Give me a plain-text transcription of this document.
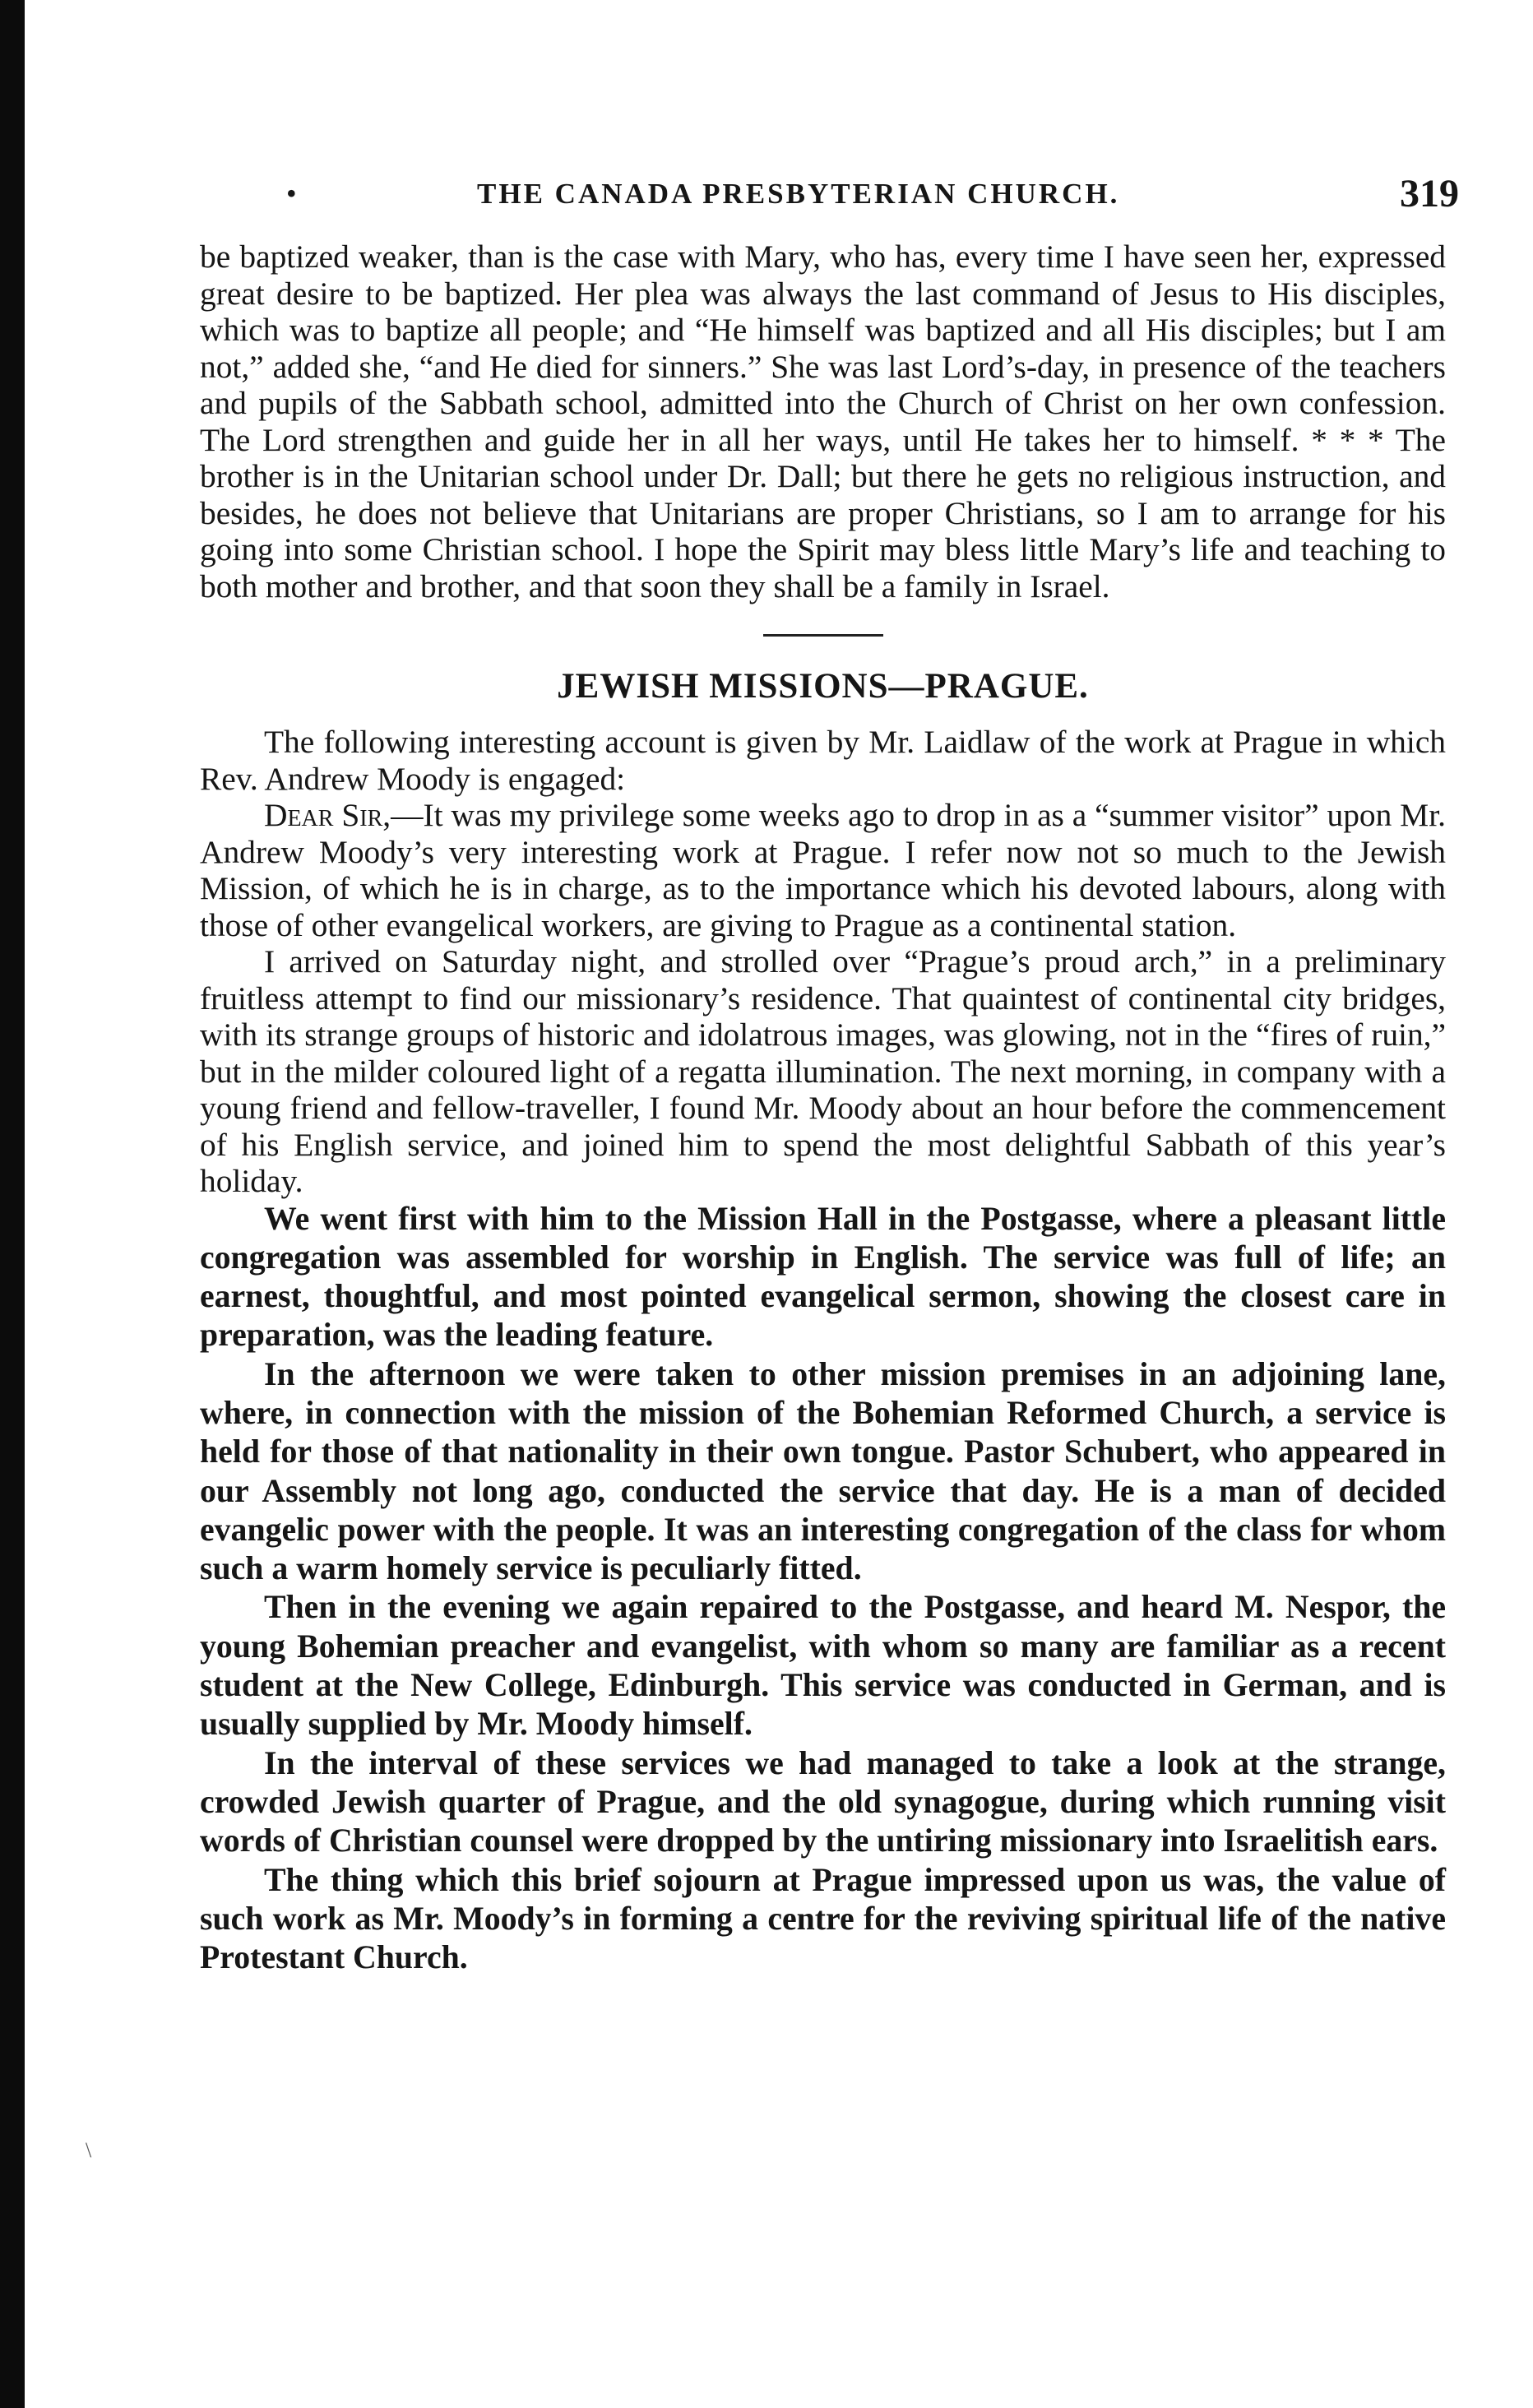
\
•	THE CANADA PRESBYTERIAN CHURCH.	319

be baptized weaker, than is the case with Mary, who has, every time I have seen her, expressed great desire to be baptized. Her plea was always the last command of Jesus to His disciples, which was to baptize all people; and “He himself was baptized and all His disciples; but I am not,” added she, “and He died for sinners.” She was last Lord’s-day, in presence of the teachers and pupils of the Sabbath school, admitted into the Church of Christ on her own confession. The Lord strengthen and guide her in all her ways, until He takes her to himself. * * * The brother is in the Unitarian school under Dr. Dall; but there he gets no religious instruction, and besides, he does not believe that Unitarians are proper Christians, so I am to arrange for his going into some Christian school. I hope the Spirit may bless little Mary’s life and teaching to both mother and brother, and that soon they shall be a family in Israel.

JEWISH MISSIONS—PRAGUE.

The following interesting account is given by Mr. Laidlaw of the work at Prague in which Rev. Andrew Moody is engaged:

Dear Sir,—It was my privilege some weeks ago to drop in as a “summer visitor” upon Mr. Andrew Moody’s very interesting work at Prague. I refer now not so much to the Jewish Mission, of which he is in charge, as to the importance which his devoted labours, along with those of other evangelical workers, are giving to Prague as a continental station.

I arrived on Saturday night, and strolled over “Prague’s proud arch,” in a preliminary fruitless attempt to find our missionary’s residence. That quaintest of continental city bridges, with its strange groups of historic and idolatrous images, was glowing, not in the “fires of ruin,” but in the milder coloured light of a regatta illumination. The next morning, in company with a young friend and fellow-traveller, I found Mr. Moody about an hour before the commencement of his English service, and joined him to spend the most delightful Sabbath of this year’s holiday.

We went first with him to the Mission Hall in the Postgasse, where a pleasant little congregation was assembled for worship in English. The service was full of life; an earnest, thoughtful, and most pointed evangelical sermon, showing the closest care in preparation, was the leading feature.

In the afternoon we were taken to other mission premises in an adjoining lane, where, in connection with the mission of the Bohemian Reformed Church, a service is held for those of that nationality in their own tongue. Pastor Schubert, who appeared in our Assembly not long ago, conducted the service that day. He is a man of decided evangelic power with the people. It was an interesting congregation of the class for whom such a warm homely service is peculiarly fitted.

Then in the evening we again repaired to the Postgasse, and heard M. Nespor, the young Bohemian preacher and evangelist, with whom so many are familiar as a recent student at the New College, Edinburgh. This service was conducted in German, and is usually supplied by Mr. Moody himself.

In the interval of these services we had managed to take a look at the strange, crowded Jewish quarter of Prague, and the old synagogue, during which running visit words of Christian counsel were dropped by the untiring missionary into Israelitish ears.

The thing which this brief sojourn at Prague impressed upon us was, the value of such work as Mr. Moody’s in forming a centre for the reviving spiritual life of the native Protestant Church.
